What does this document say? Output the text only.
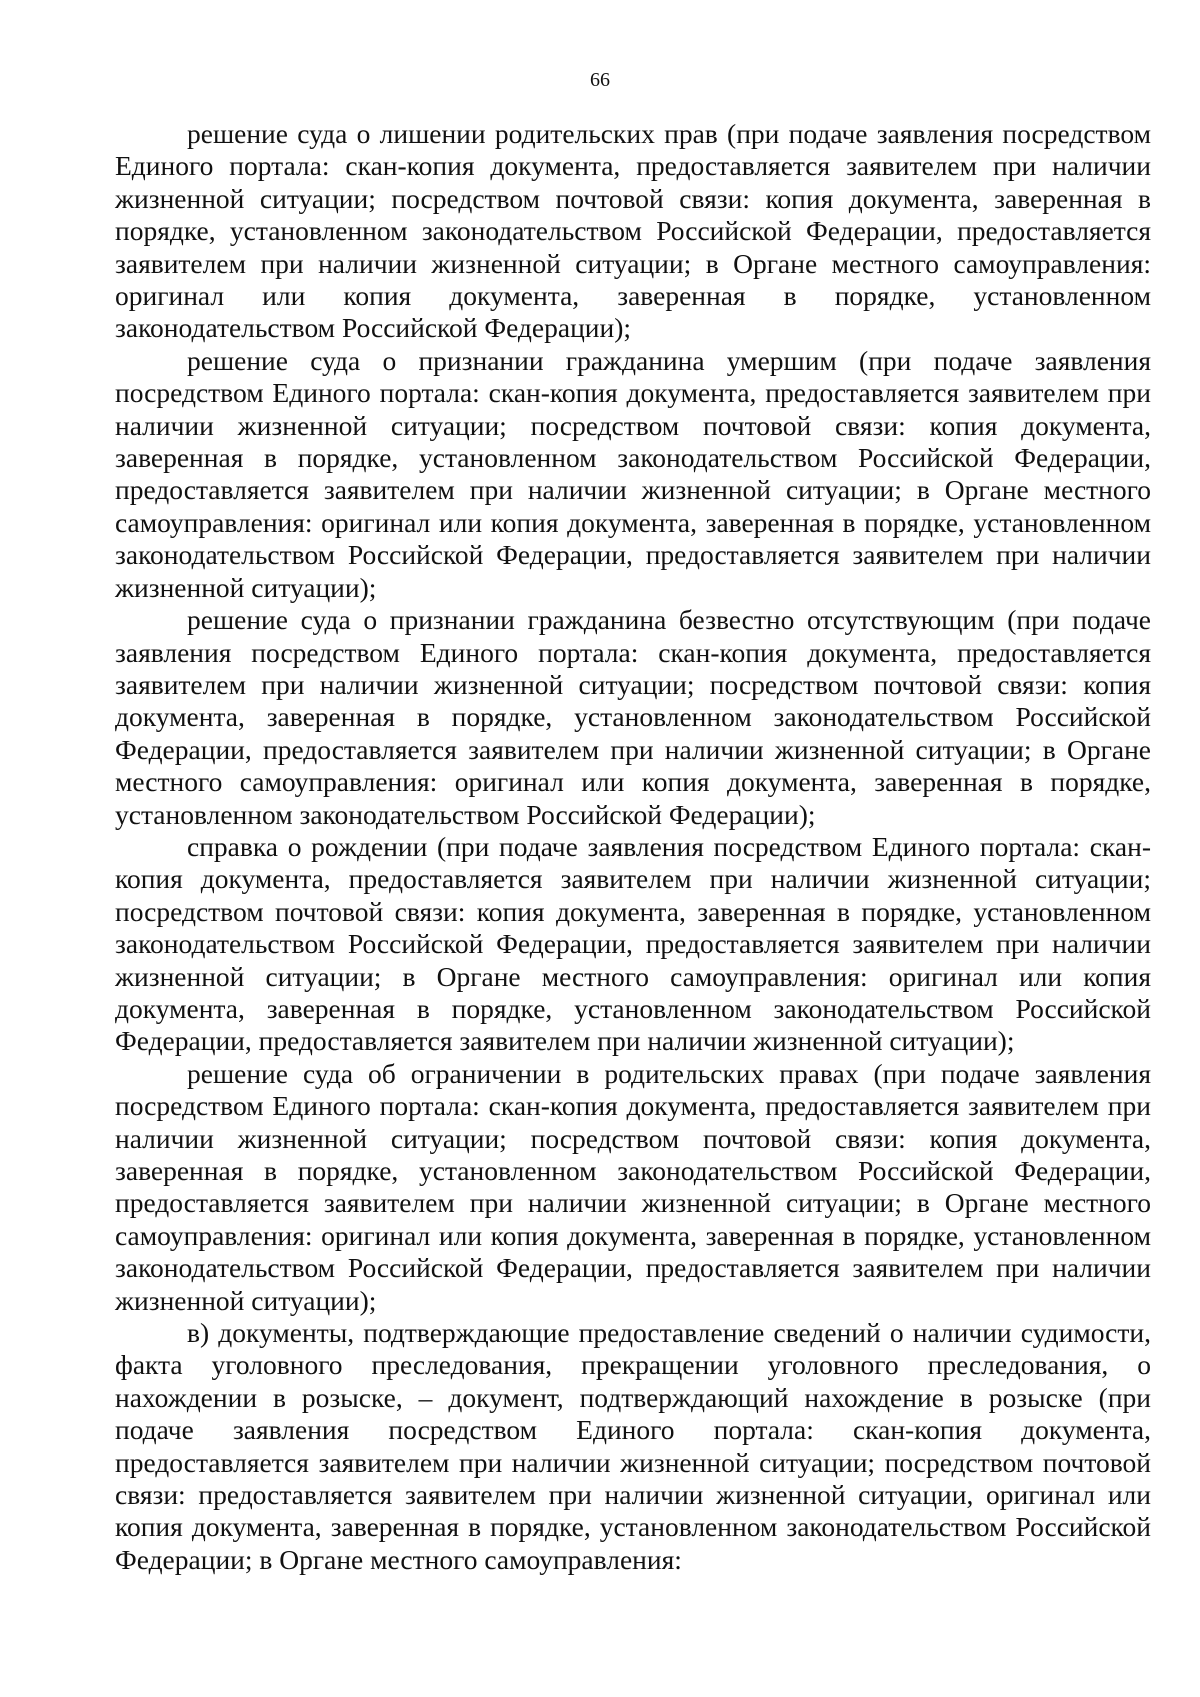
66

решение суда о лишении родительских прав (при подаче заявления посредством Единого портала: скан-копия документа, предоставляется заявителем при наличии жизненной ситуации; посредством почтовой связи: копия документа, заверенная в порядке, установленном законодательством Российской Федерации, предоставляется заявителем при наличии жизненной ситуации; в Органе местного самоуправления: оригинал или копия документа, заверенная в порядке, установленном законодательством Российской Федерации);

решение суда о признании гражданина умершим (при подаче заявления посредством Единого портала: скан-копия документа, предоставляется заявителем при наличии жизненной ситуации; посредством почтовой связи: копия документа, заверенная в порядке, установленном законодательством Российской Федерации, предоставляется заявителем при наличии жизненной ситуации; в Органе местного самоуправления: оригинал или копия документа, заверенная в порядке, установленном законодательством Российской Федерации, предоставляется заявителем при наличии жизненной ситуации);

решение суда о признании гражданина безвестно отсутствующим (при подаче заявления посредством Единого портала: скан-копия документа, предоставляется заявителем при наличии жизненной ситуации; посредством почтовой связи: копия документа, заверенная в порядке, установленном законодательством Российской Федерации, предоставляется заявителем при наличии жизненной ситуации; в Органе местного самоуправления: оригинал или копия документа, заверенная в порядке, установленном законодательством Российской Федерации);

справка о рождении (при подаче заявления посредством Единого портала: скан-копия документа, предоставляется заявителем при наличии жизненной ситуации; посредством почтовой связи: копия документа, заверенная в порядке, установленном законодательством Российской Федерации, предоставляется заявителем при наличии жизненной ситуации; в Органе местного самоуправления: оригинал или копия документа, заверенная в порядке, установленном законодательством Российской Федерации, предоставляется заявителем при наличии жизненной ситуации);

решение суда об ограничении в родительских правах (при подаче заявления посредством Единого портала: скан-копия документа, предоставляется заявителем при наличии жизненной ситуации; посредством почтовой связи: копия документа, заверенная в порядке, установленном законодательством Российской Федерации, предоставляется заявителем при наличии жизненной ситуации; в Органе местного самоуправления: оригинал или копия документа, заверенная в порядке, установленном законодательством Российской Федерации, предоставляется заявителем при наличии жизненной ситуации);

в) документы, подтверждающие предоставление сведений о наличии судимости, факта уголовного преследования, прекращении уголовного преследования, о нахождении в розыске, – документ, подтверждающий нахождение в розыске (при подаче заявления посредством Единого портала: скан-копия документа, предоставляется заявителем при наличии жизненной ситуации; посредством почтовой связи: предоставляется заявителем при наличии жизненной ситуации, оригинал или копия документа, заверенная в порядке, установленном законодательством Российской Федерации; в Органе местного самоуправления:
